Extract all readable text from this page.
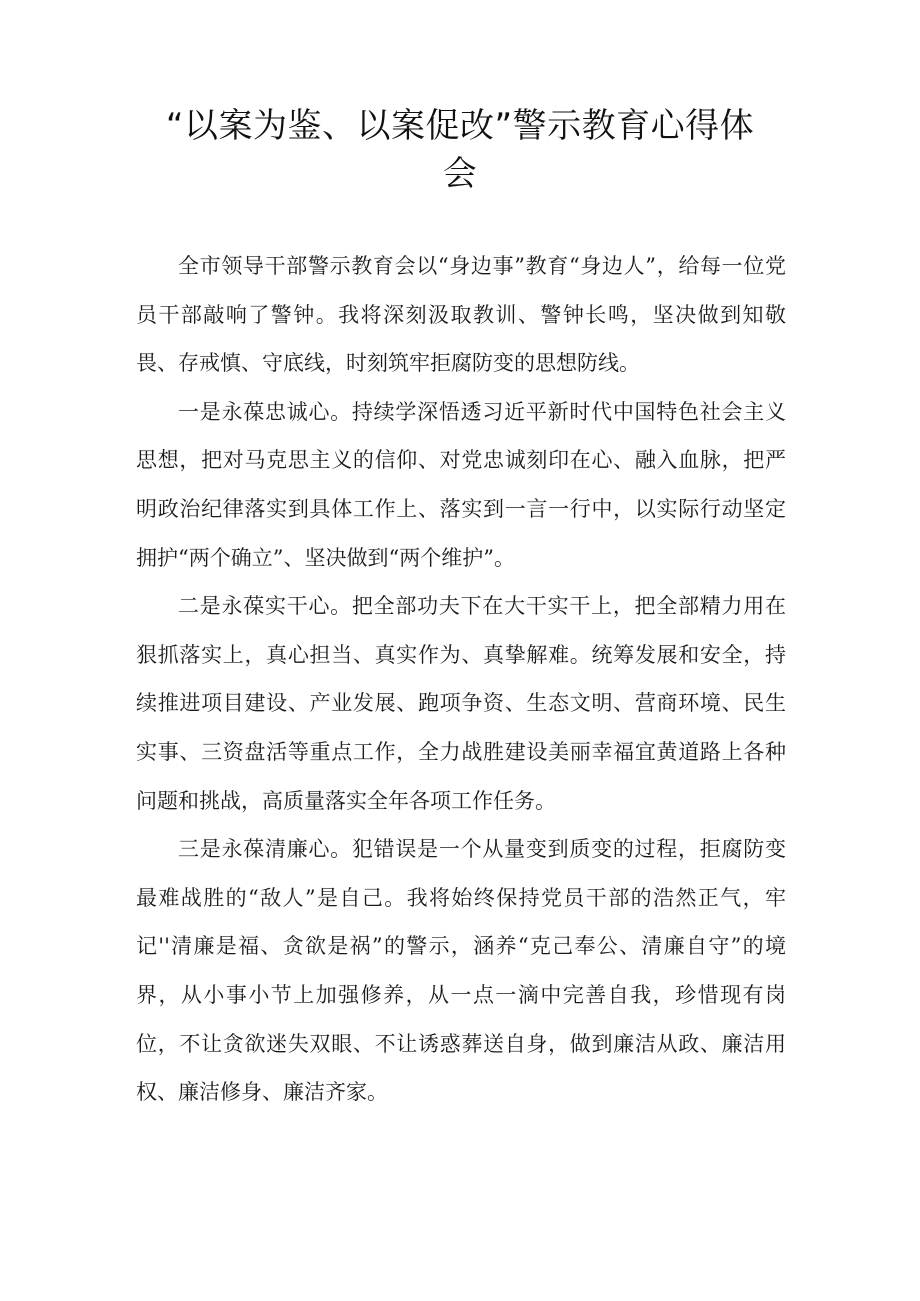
“以案为鉴、以案促改”警示教育心得体会

全市领导干部警示教育会以“身边事”教育“身边人”，给每一位党员干部敲响了警钟。我将深刻汲取教训、警钟长鸣，坚决做到知敬畏、存戒慎、守底线，时刻筑牢拒腐防变的思想防线。

一是永葆忠诚心。持续学深悟透习近平新时代中国特色社会主义思想，把对马克思主义的信仰、对党忠诚刻印在心、融入血脉，把严明政治纪律落实到具体工作上、落实到一言一行中，以实际行动坚定拥护“两个确立”、坚决做到“两个维护”。

二是永葆实干心。把全部功夫下在大干实干上，把全部精力用在狠抓落实上，真心担当、真实作为、真挚解难。统筹发展和安全，持续推进项目建设、产业发展、跑项争资、生态文明、营商环境、民生实事、三资盘活等重点工作，全力战胜建设美丽幸福宜黄道路上各种问题和挑战，高质量落实全年各项工作任务。

三是永葆清廉心。犯错误是一个从量变到质变的过程，拒腐防变最难战胜的“敌人”是自己。我将始终保持党员干部的浩然正气，牢记''清廉是福、贪欲是祸”的警示，涵养“克己奉公、清廉自守”的境界，从小事小节上加强修养，从一点一滴中完善自我，珍惜现有岗位，不让贪欲迷失双眼、不让诱惑葬送自身，做到廉洁从政、廉洁用权、廉洁修身、廉洁齐家。
